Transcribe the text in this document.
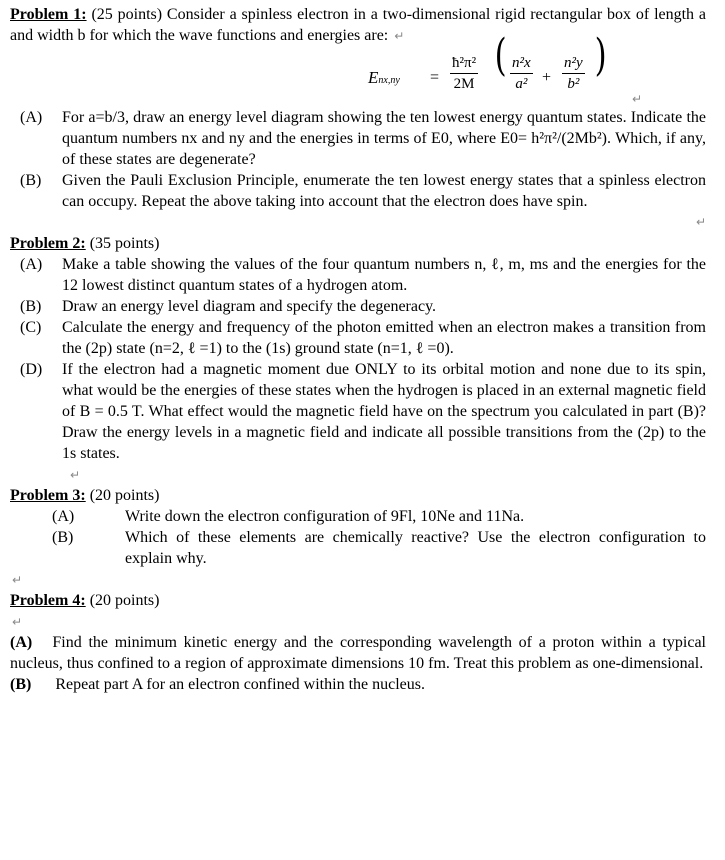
Problem 1: (25 points) Consider a spinless electron in a two-dimensional rigid rectangular box of length a and width b for which the wave functions and energies are: ↵
$Enx,ny = \frac{\text{ħ²π²}}{2M}$ ( $\frac{\text{n²x}}{\text{a²}} + \frac{\text{n²y}}{\text{b²}}$ )
↵
(A)	For a=b/3, draw an energy level diagram showing the ten lowest energy quantum states. Indicate the quantum numbers nx and ny and the energies in terms of E0, where E0= h²π²/(2Mb²). Which, if any, of these states are degenerate?
(B)	Given the Pauli Exclusion Principle, enumerate the ten lowest energy states that a spinless electron can occupy. Repeat the above taking into account that the electron does have spin.
↵
Problem 2: (35 points)
(A)	Make a table showing the values of the four quantum numbers n, ℓ, m, ms and the energies for the 12 lowest distinct quantum states of a hydrogen atom.
(B)	Draw an energy level diagram and specify the degeneracy.
(C)	Calculate the energy and frequency of the photon emitted when an electron makes a transition from the (2p) state (n=2, ℓ =1) to the (1s) ground state (n=1, ℓ =0).
(D)	If the electron had a magnetic moment due ONLY to its orbital motion and none due to its spin, what would be the energies of these states when the hydrogen is placed in an external magnetic field of B = 0.5 T. What effect would the magnetic field have on the spectrum you calculated in part (B)? Draw the energy levels in a magnetic field and indicate all possible transitions from the (2p) to the 1s states.
↵
Problem 3: (20 points)
(A)	Write down the electron configuration of 9Fl, 10Ne and 11Na.
(B)	Which of these elements are chemically reactive? Use the electron configuration to explain why.
↵
Problem 4: (20 points)
↵
(A) Find the minimum kinetic energy and the corresponding wavelength of a proton within a typical nucleus, thus confined to a region of approximate dimensions 10 fm. Treat this problem as one-dimensional.
(B) Repeat part A for an electron confined within the nucleus.
